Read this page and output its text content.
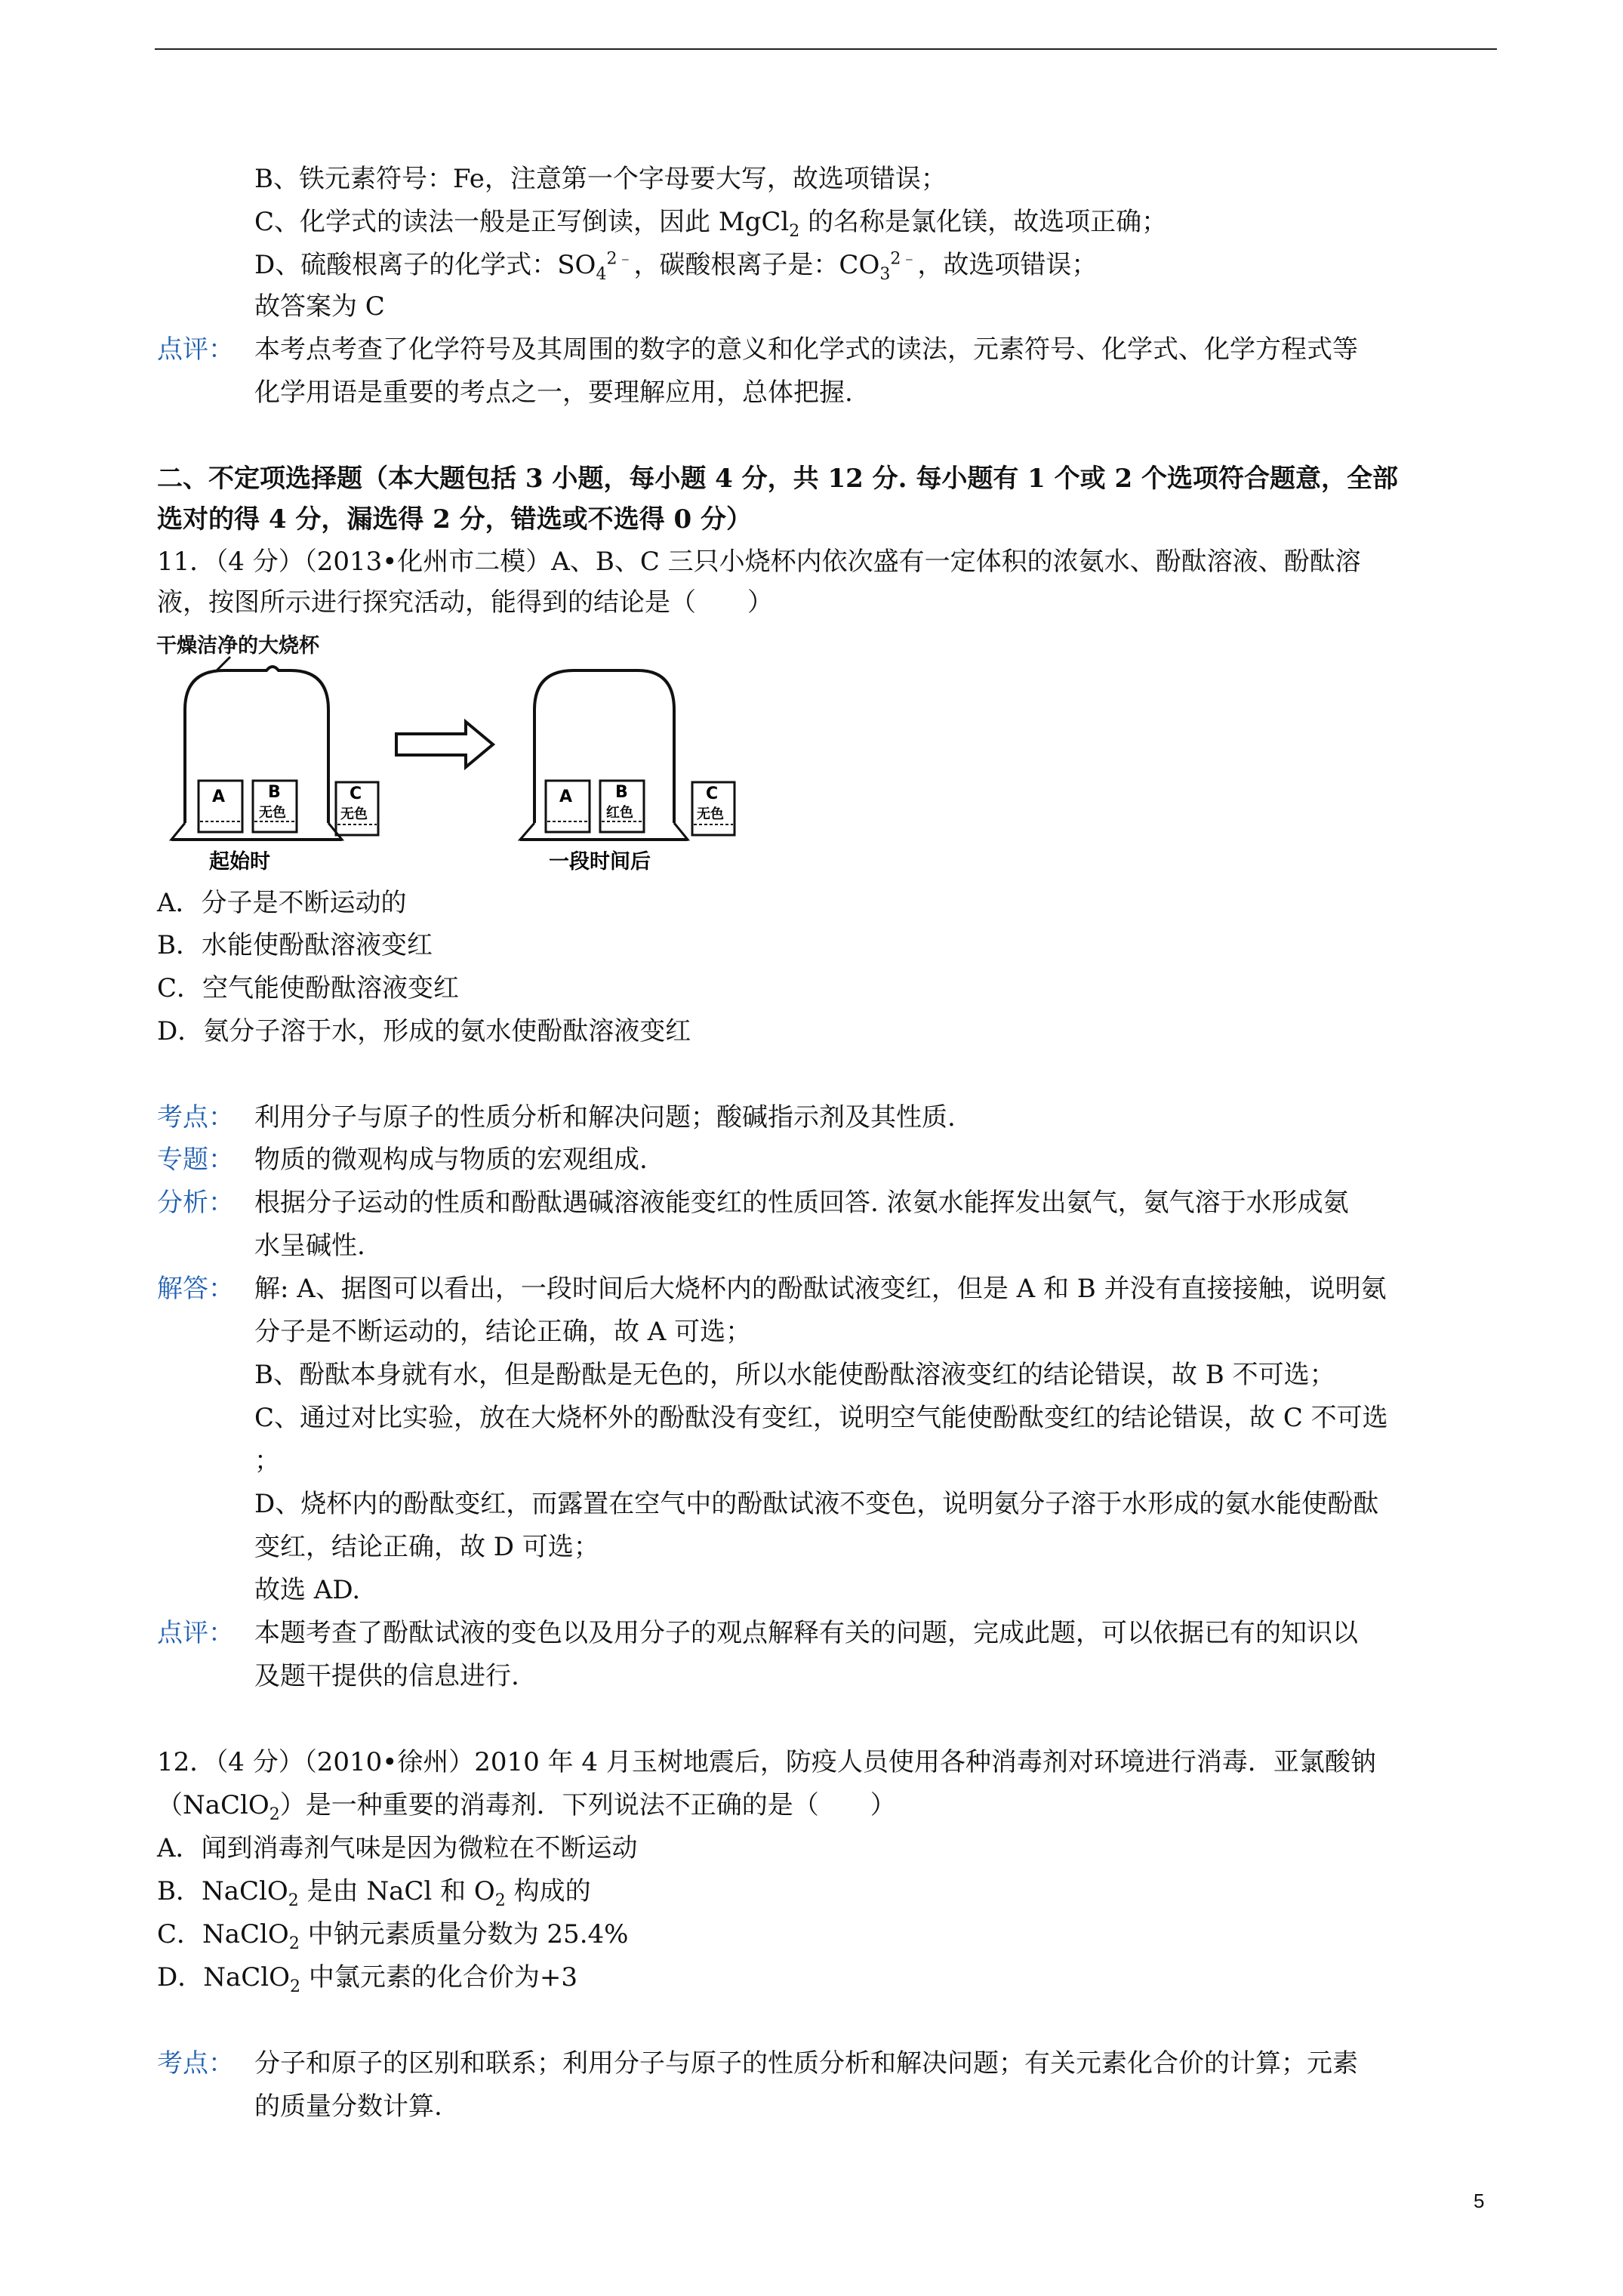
B、铁元素符号：Fe，注意第一个字母要大写，故选项错误；
C、化学式的读法一般是正写倒读，因此 MgCl$_2$ 的名称是氯化镁，故选项正确；
D、硫酸根离子的化学式：$SO_4^{2﹣}$，碳酸根离子是：$CO_3^{2﹣}$，故选项错误；
故答案为 C
点评： 本考点考查了化学符号及其周围的数字的意义和化学式的读法，元素符号、化学式、化学方程式等
化学用语是重要的考点之一，要理解应用，总体把握.
二、不定项选择题（本大题包括 3 小题，每小题 4 分，共 12 分. 每小题有 1 个或 2 个选项符合题意，全部
选对的得 4 分，漏选得 2 分，错选或不选得 0 分）
11．（4 分）（2013•化州市二模）A、B、C 三只小烧杯内依次盛有一定体积的浓氨水、酚酞溶液、酚酞溶
液，按图所示进行探究活动，能得到的结论是（　　）
干燥洁净的大烧杯
A	B
无色
C
无色
起始时
A	B
红色
C
无色
一段时间后
A．分子是不断运动的
B．水能使酚酞溶液变红
C．空气能使酚酞溶液变红
D．氨分子溶于水，形成的氨水使酚酞溶液变红
考点： 利用分子与原子的性质分析和解决问题；酸碱指示剂及其性质.
专题： 物质的微观构成与物质的宏观组成.
分析： 根据分子运动的性质和酚酞遇碱溶液能变红的性质回答. 浓氨水能挥发出氨气，氨气溶于水形成氨
水呈碱性.
解答： 解: A、据图可以看出，一段时间后大烧杯内的酚酞试液变红，但是 A 和 B 并没有直接接触，说明氨
分子是不断运动的，结论正确，故 A 可选；
B、酚酞本身就有水，但是酚酞是无色的，所以水能使酚酞溶液变红的结论错误，故 B 不可选；
C、通过对比实验，放在大烧杯外的酚酞没有变红，说明空气能使酚酞变红的结论错误，故 C 不可选
；
D、烧杯内的酚酞变红，而露置在空气中的酚酞试液不变色，说明氨分子溶于水形成的氨水能使酚酞
变红，结论正确，故 D 可选；
故选 AD.
点评： 本题考查了酚酞试液的变色以及用分子的观点解释有关的问题，完成此题，可以依据已有的知识以
及题干提供的信息进行.
12．（4 分）（2010•徐州）2010 年 4 月玉树地震后，防疫人员使用各种消毒剂对环境进行消毒．亚氯酸钠
（NaClO$_2$）是一种重要的消毒剂．下列说法不正确的是（　　）
A．闻到消毒剂气味是因为微粒在不断运动
B．NaClO$_2$ 是由 NaCl 和 $O_2$ 构成的
C．NaClO$_2$ 中钠元素质量分数为 25.4%
D．NaClO$_2$ 中氯元素的化合价为+3
考点： 分子和原子的区别和联系；利用分子与原子的性质分析和解决问题；有关元素化合价的计算；元素
的质量分数计算.
5
